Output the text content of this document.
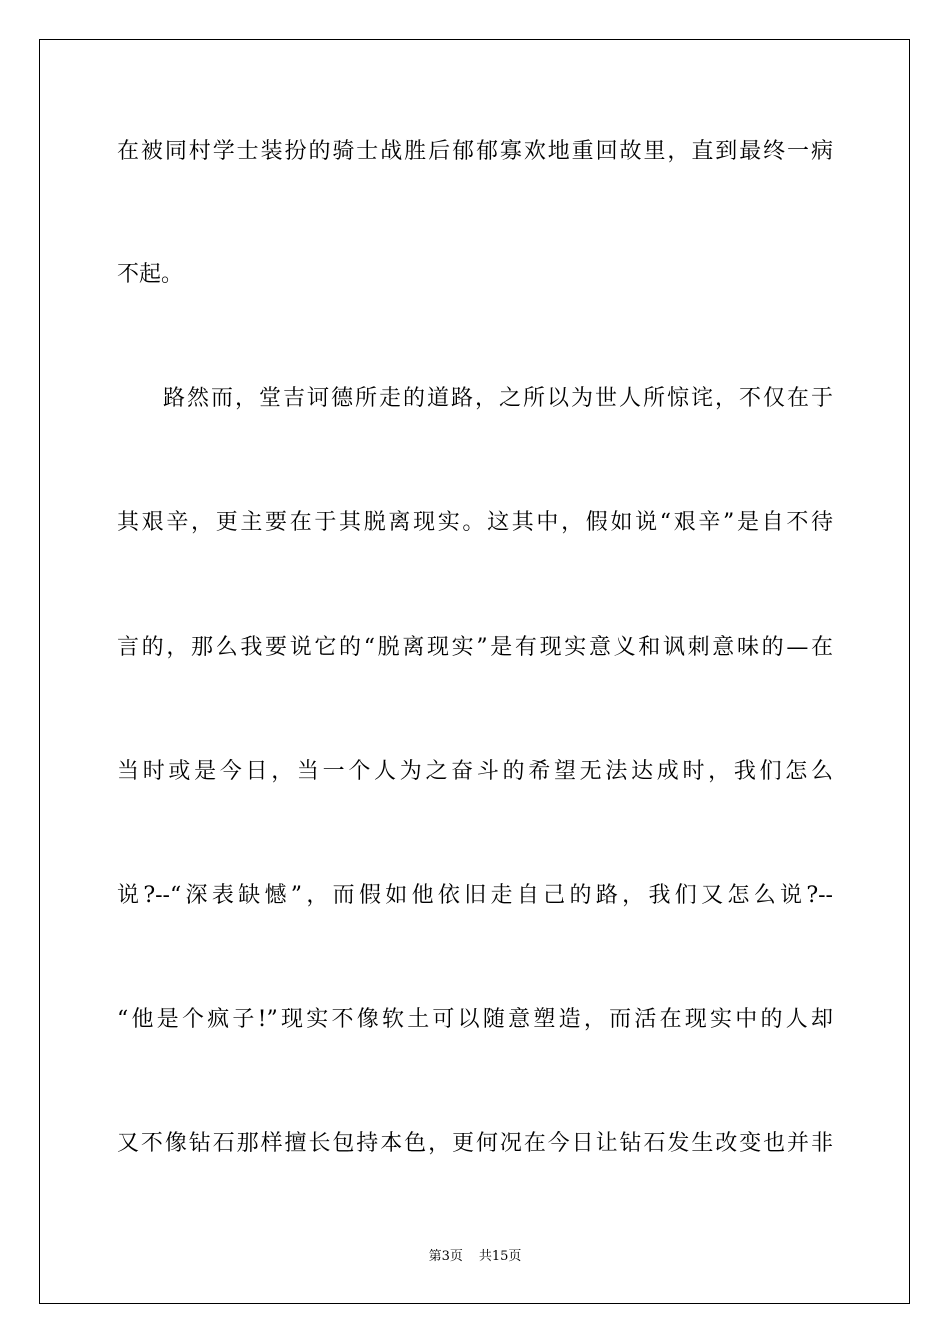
在被同村学士装扮的骑士战胜后郁郁寡欢地重回故里，直到最终一病
不起。
路然而，堂吉诃德所走的道路，之所以为世人所惊诧，不仅在于
其艰辛，更主要在于其脱离现实。这其中，假如说“艰辛”是自不待
言的，那么我要说它的“脱离现实”是有现实意义和讽刺意味的—在
当时或是今日，当一个人为之奋斗的希望无法达成时，我们怎么
说?--“深表缺憾”，而假如他依旧走自己的路，我们又怎么说?--
“他是个疯子!”现实不像软土可以随意塑造，而活在现实中的人却
又不像钻石那样擅长包持本色，更何况在今日让钻石发生改变也并非
第3页 共15页
